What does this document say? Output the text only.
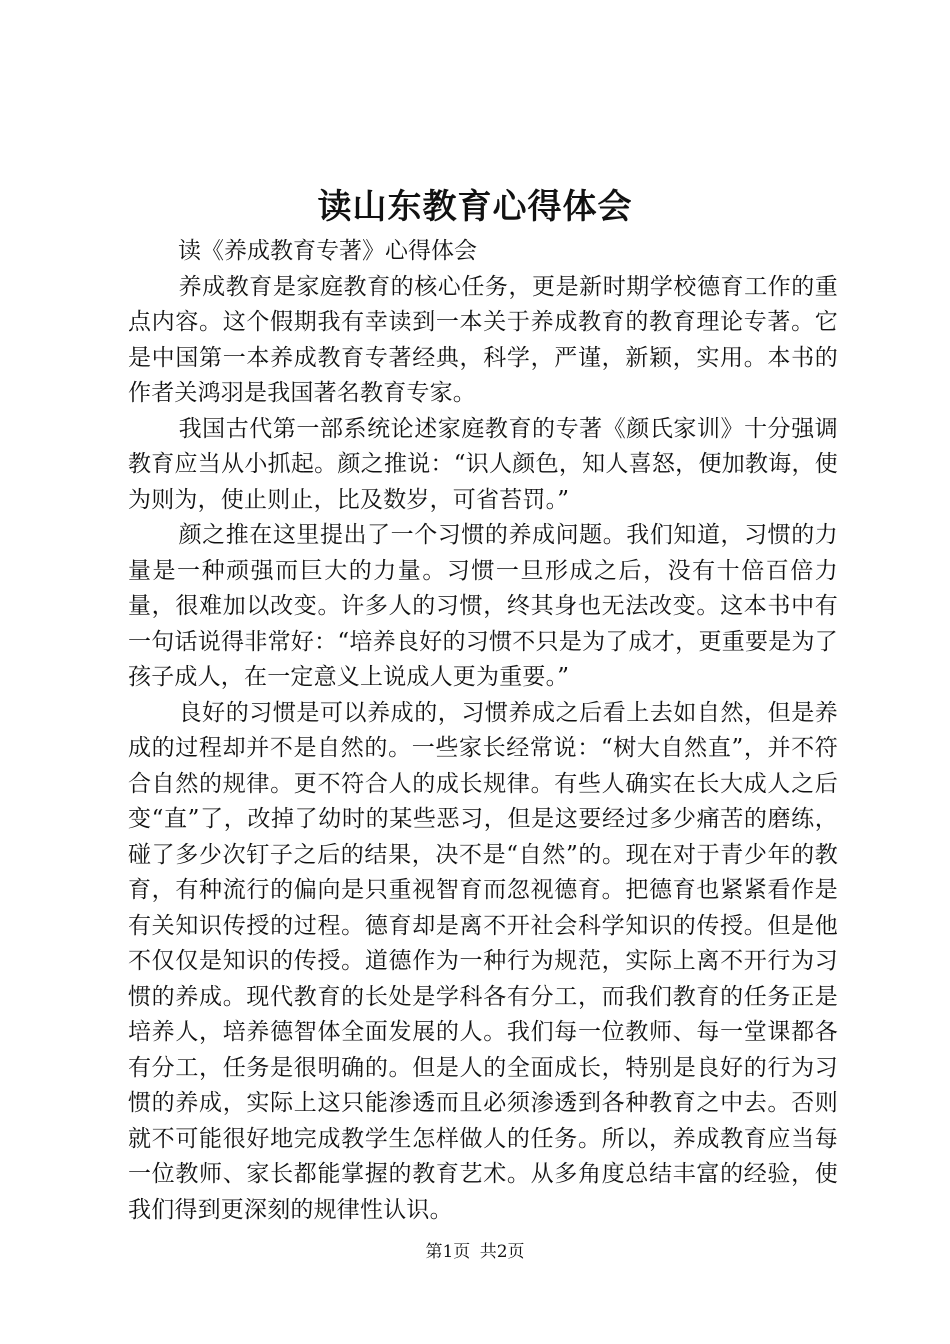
读山东教育心得体会

读《养成教育专著》心得体会

养成教育是家庭教育的核心任务，更是新时期学校德育工作的重点内容。这个假期我有幸读到一本关于养成教育的教育理论专著。它是中国第一本养成教育专著经典，科学，严谨，新颖，实用。本书的作者关鸿羽是我国著名教育专家。

我国古代第一部系统论述家庭教育的专著《颜氏家训》十分强调教育应当从小抓起。颜之推说：“识人颜色，知人喜怒，便加教诲，使为则为，使止则止，比及数岁，可省苔罚。”

颜之推在这里提出了一个习惯的养成问题。我们知道，习惯的力量是一种顽强而巨大的力量。习惯一旦形成之后，没有十倍百倍力量，很难加以改变。许多人的习惯，终其身也无法改变。这本书中有一句话说得非常好：“培养良好的习惯不只是为了成才，更重要是为了孩子成人，在一定意义上说成人更为重要。”

良好的习惯是可以养成的，习惯养成之后看上去如自然，但是养成的过程却并不是自然的。一些家长经常说：“树大自然直”，并不符合自然的规律。更不符合人的成长规律。有些人确实在长大成人之后变“直”了，改掉了幼时的某些恶习，但是这要经过多少痛苦的磨练，碰了多少次钉子之后的结果，决不是“自然”的。现在对于青少年的教育，有种流行的偏向是只重视智育而忽视德育。把德育也紧紧看作是有关知识传授的过程。德育却是离不开社会科学知识的传授。但是他不仅仅是知识的传授。道德作为一种行为规范，实际上离不开行为习惯的养成。现代教育的长处是学科各有分工，而我们教育的任务正是培养人，培养德智体全面发展的人。我们每一位教师、每一堂课都各有分工，任务是很明确的。但是人的全面成长，特别是良好的行为习惯的养成，实际上这只能渗透而且必须渗透到各种教育之中去。否则就不可能很好地完成教学生怎样做人的任务。所以，养成教育应当每一位教师、家长都能掌握的教育艺术。从多角度总结丰富的经验，使我们得到更深刻的规律性认识。

第1页 共2页
